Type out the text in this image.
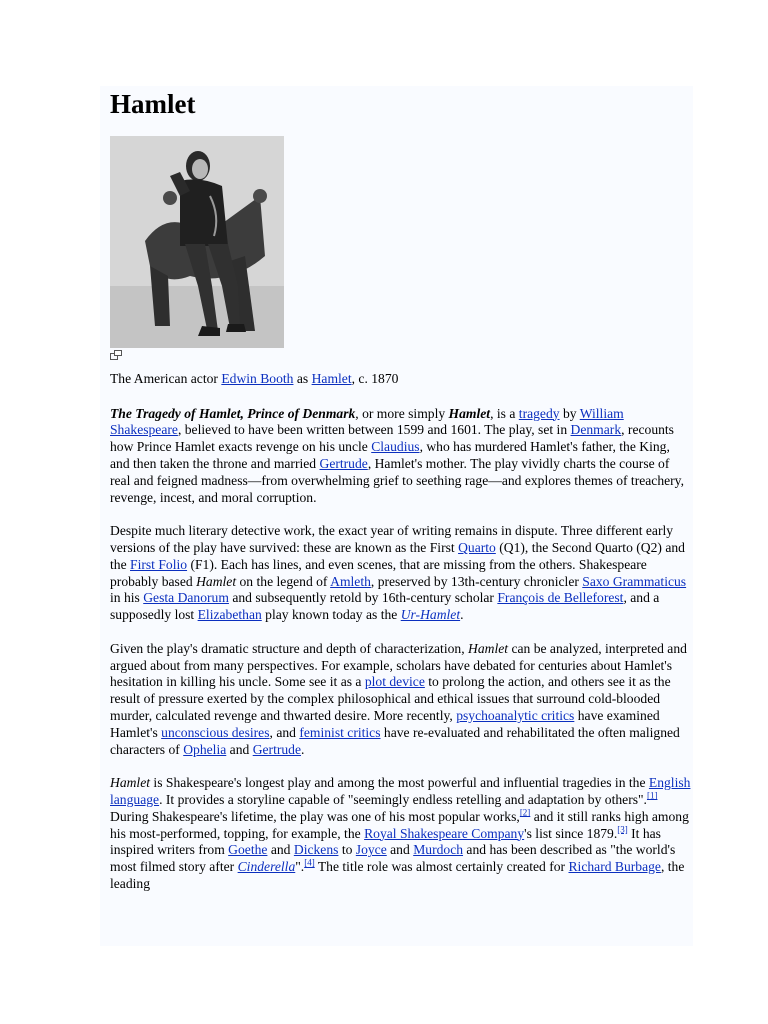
Hamlet
The American actor Edwin Booth as Hamlet, c. 1870

The Tragedy of Hamlet, Prince of Denmark, or more simply Hamlet, is a tragedy by William Shakespeare, believed to have been written between 1599 and 1601. The play, set in Denmark, recounts how Prince Hamlet exacts revenge on his uncle Claudius, who has murdered Hamlet's father, the King, and then taken the throne and married Gertrude, Hamlet's mother. The play vividly charts the course of real and feigned madness—from overwhelming grief to seething rage—and explores themes of treachery, revenge, incest, and moral corruption.

Despite much literary detective work, the exact year of writing remains in dispute. Three different early versions of the play have survived: these are known as the First Quarto (Q1), the Second Quarto (Q2) and the First Folio (F1). Each has lines, and even scenes, that are missing from the others. Shakespeare probably based Hamlet on the legend of Amleth, preserved by 13th-century chronicler Saxo Grammaticus in his Gesta Danorum and subsequently retold by 16th-century scholar François de Belleforest, and a supposedly lost Elizabethan play known today as the Ur-Hamlet.

Given the play's dramatic structure and depth of characterization, Hamlet can be analyzed, interpreted and argued about from many perspectives. For example, scholars have debated for centuries about Hamlet's hesitation in killing his uncle. Some see it as a plot device to prolong the action, and others see it as the result of pressure exerted by the complex philosophical and ethical issues that surround cold-blooded murder, calculated revenge and thwarted desire. More recently, psychoanalytic critics have examined Hamlet's unconscious desires, and feminist critics have re-evaluated and rehabilitated the often maligned characters of Ophelia and Gertrude.

Hamlet is Shakespeare's longest play and among the most powerful and influential tragedies in the English language. It provides a storyline capable of "seemingly endless retelling and adaptation by others".[1] During Shakespeare's lifetime, the play was one of his most popular works,[2] and it still ranks high among his most-performed, topping, for example, the Royal Shakespeare Company's list since 1879.[3] It has inspired writers from Goethe and Dickens to Joyce and Murdoch and has been described as "the world's most filmed story after Cinderella".[4] The title role was almost certainly created for Richard Burbage, the leading
